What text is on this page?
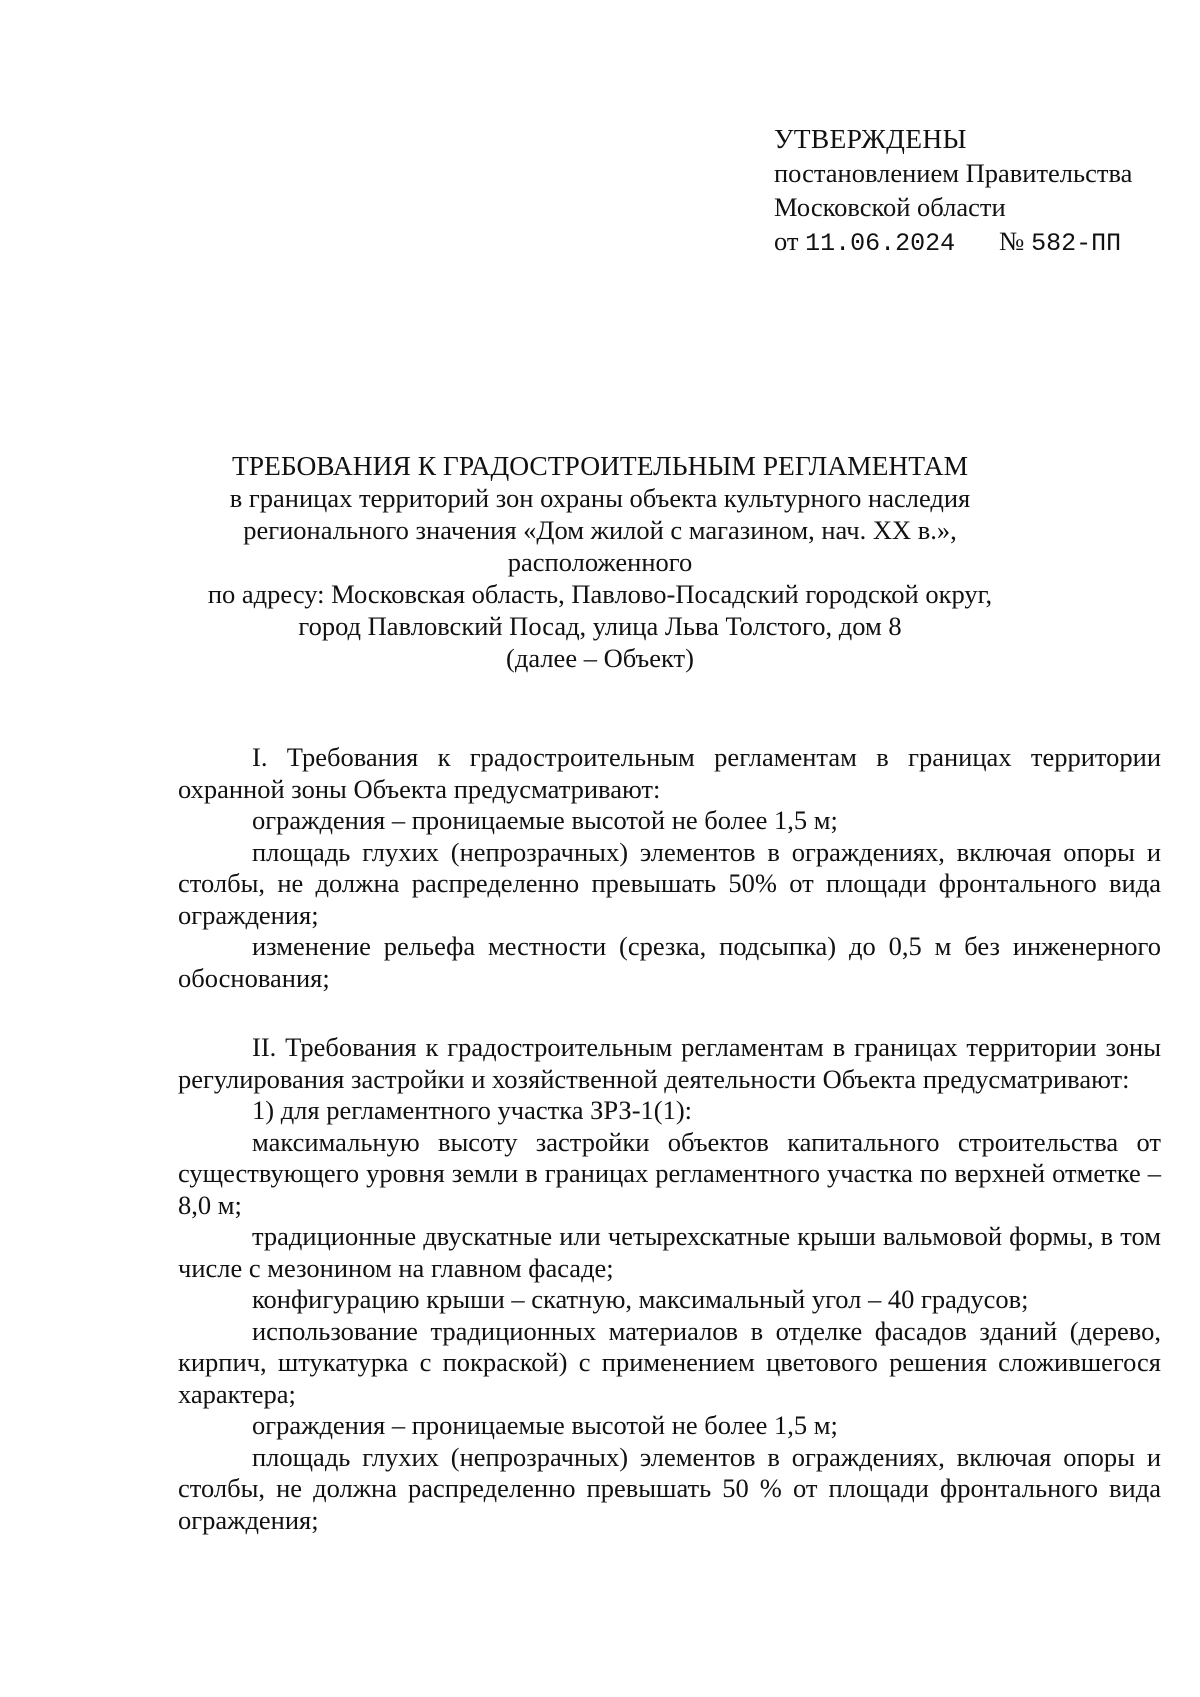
УТВЕРЖДЕНЫ
постановлением Правительства
Московской области
от 11.06.2024 № 582-ПП
ТРЕБОВАНИЯ К ГРАДОСТРОИТЕЛЬНЫМ РЕГЛАМЕНТАМ
в границах территорий зон охраны объекта культурного наследия
регионального значения «Дом жилой с магазином, нач. XX в.», расположенного
по адресу: Московская область, Павлово-Посадский городской округ,
город Павловский Посад, улица Льва Толстого, дом 8
(далее – Объект)

I. Требования к градостроительным регламентам в границах территории охранной зоны Объекта предусматривают:

ограждения – проницаемые высотой не более 1,5 м;

площадь глухих (непрозрачных) элементов в ограждениях, включая опоры и столбы, не должна распределенно превышать 50% от площади фронтального вида ограждения;

изменение рельефа местности (срезка, подсыпка) до 0,5 м без инженерного обоснования;

II. Требования к градостроительным регламентам в границах территории зоны регулирования застройки и хозяйственной деятельности Объекта предусматривают:

1) для регламентного участка ЗРЗ-1(1):

максимальную высоту застройки объектов капитального строительства от существующего уровня земли в границах регламентного участка по верхней отметке – 8,0 м;

традиционные двускатные или четырехскатные крыши вальмовой формы, в том числе с мезонином на главном фасаде;

конфигурацию крыши – скатную, максимальный угол – 40 градусов;

использование традиционных материалов в отделке фасадов зданий (дерево, кирпич, штукатурка с покраской) с применением цветового решения сложившегося характера;

ограждения – проницаемые высотой не более 1,5 м;

площадь глухих (непрозрачных) элементов в ограждениях, включая опоры и столбы, не должна распределенно превышать 50 % от площади фронтального вида ограждения;
